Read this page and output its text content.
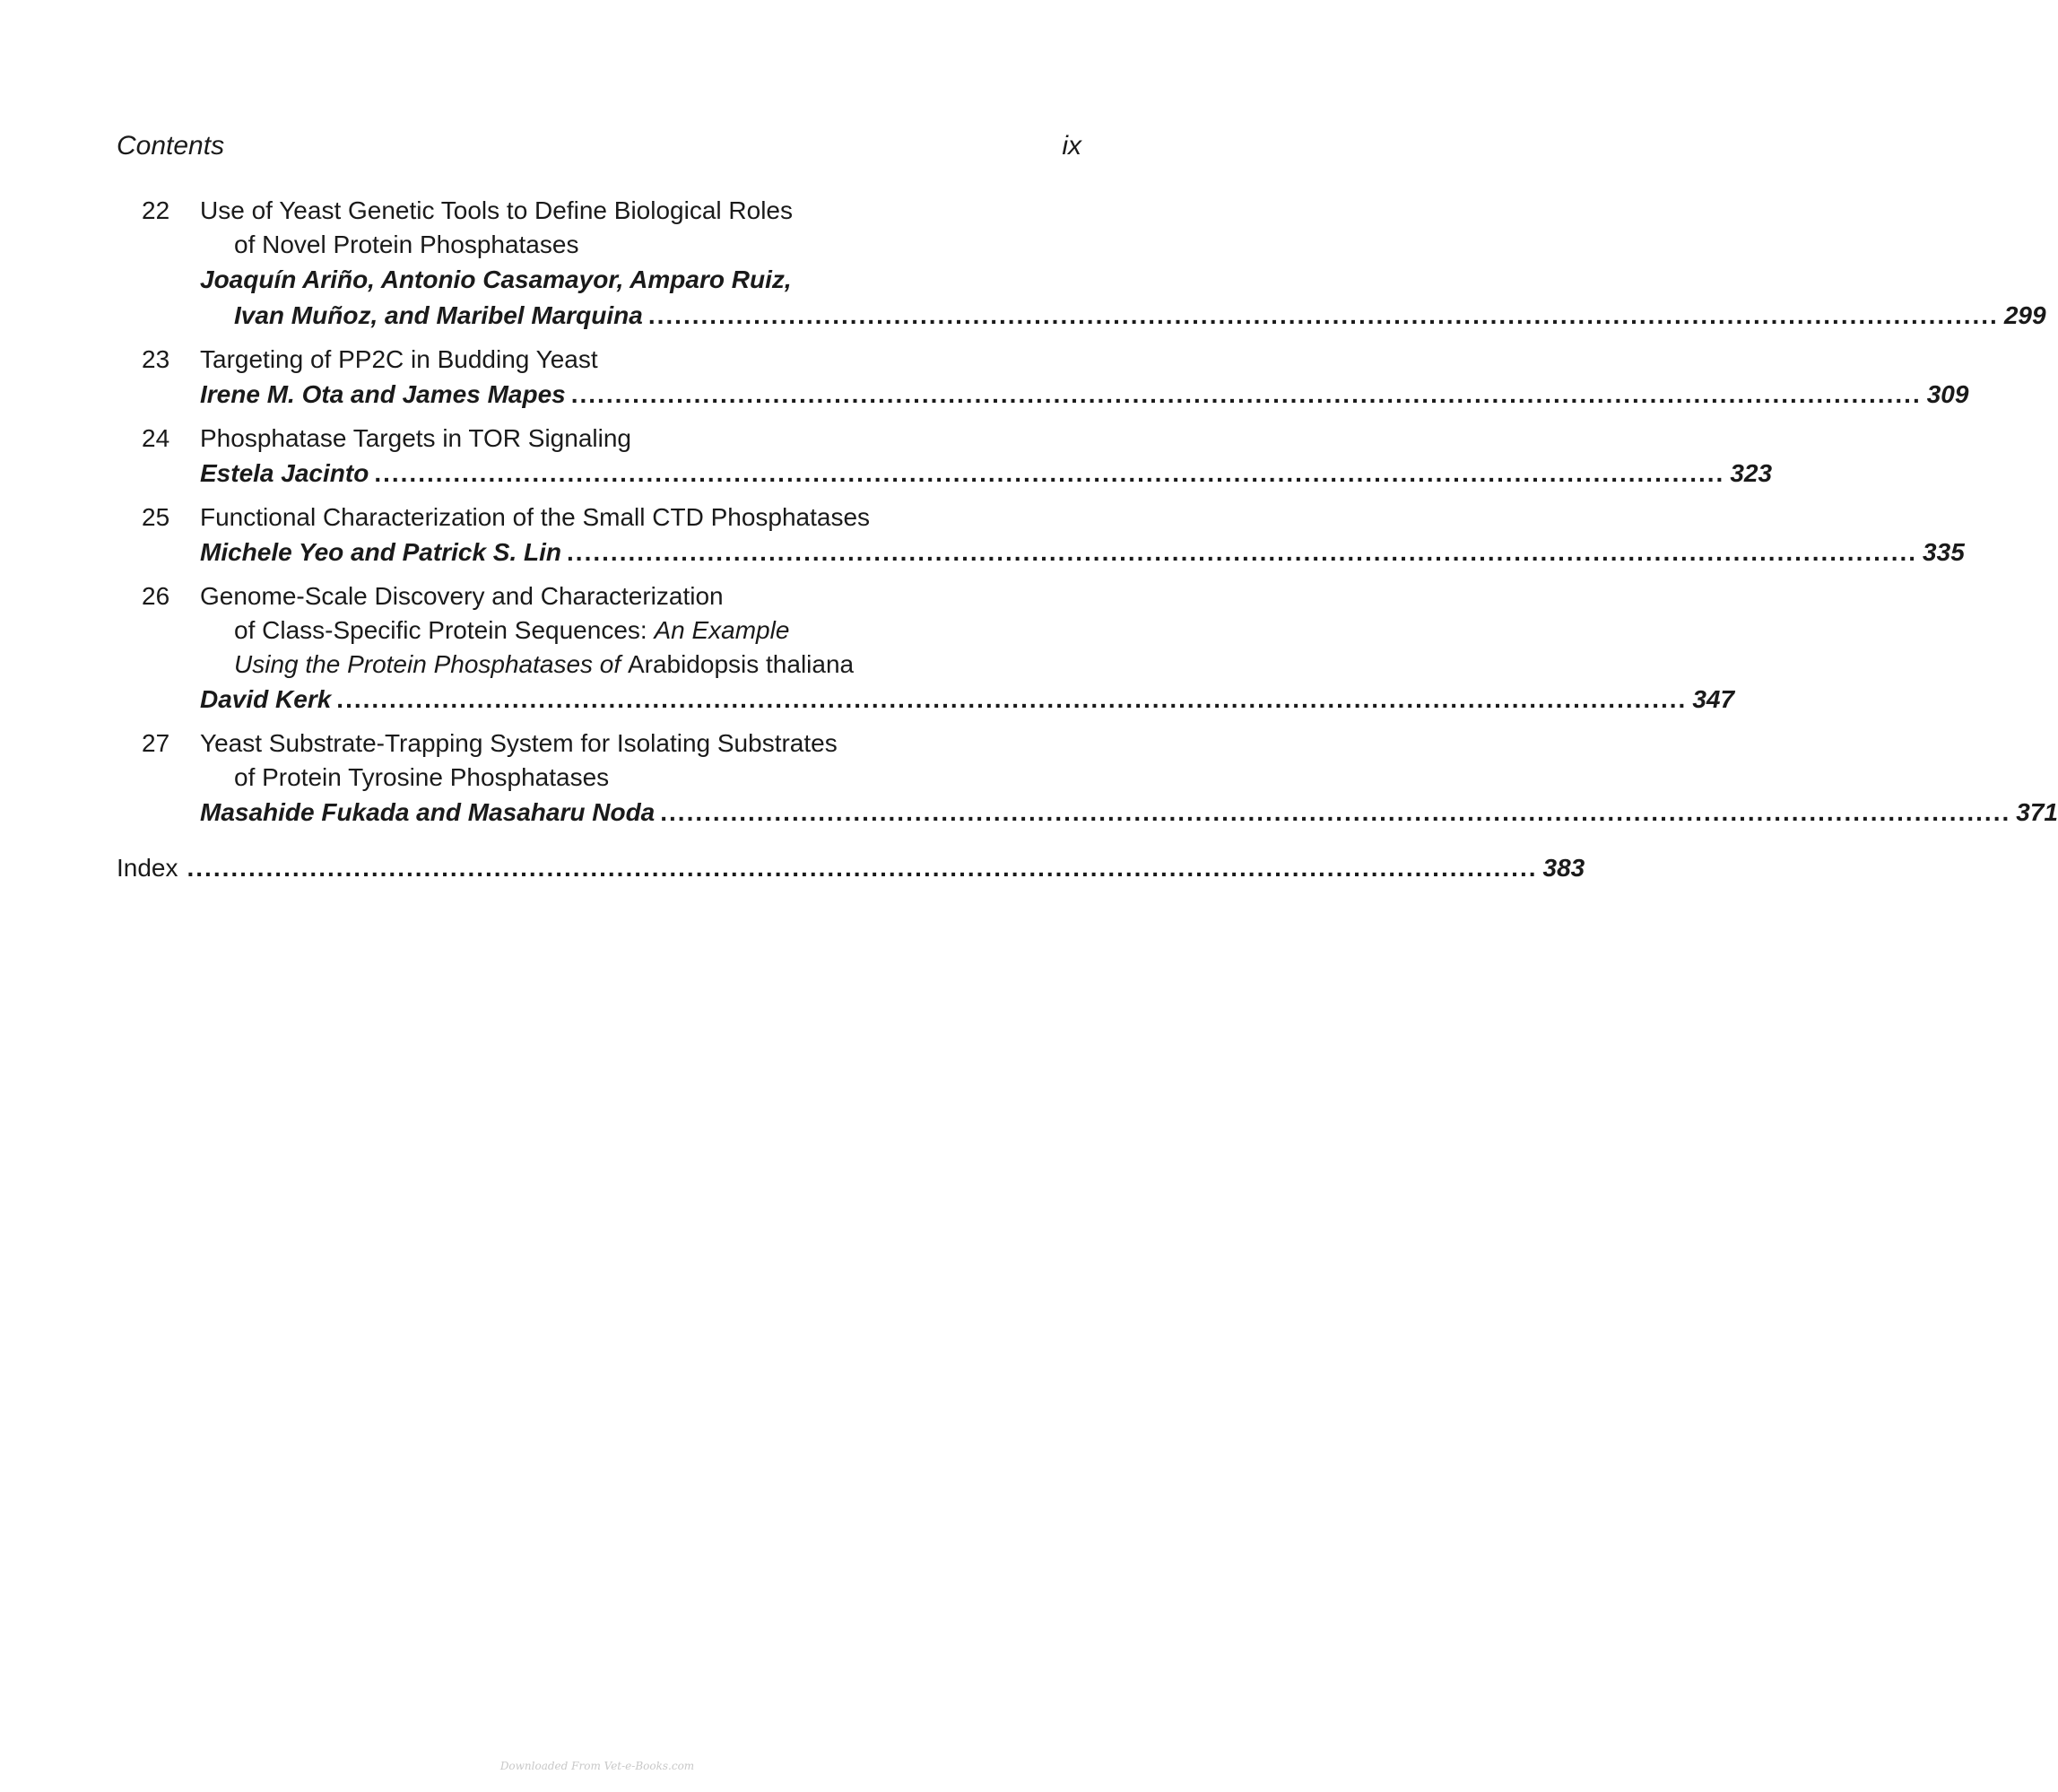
Contents	ix
22	Use of Yeast Genetic Tools to Define Biological Roles
of Novel Protein Phosphatases
Joaquín Ariño, Antonio Casamayor, Amparo Ruiz,
Ivan Muñoz, and Maribel Marquina .......................................................................................................................................................... 299
23	Targeting of PP2C in Budding Yeast
Irene M. Ota and James Mapes .......................................................................................................................................................... 309
24	Phosphatase Targets in TOR Signaling
Estela Jacinto .......................................................................................................................................................... 323
25	Functional Characterization of the Small CTD Phosphatases
Michele Yeo and Patrick S. Lin .......................................................................................................................................................... 335
26	Genome-Scale Discovery and Characterization
of Class-Specific Protein Sequences: An Example
Using the Protein Phosphatases of Arabidopsis thaliana
David Kerk .......................................................................................................................................................... 347
27	Yeast Substrate-Trapping System for Isolating Substrates
of Protein Tyrosine Phosphatases
Masahide Fukada and Masaharu Noda .......................................................................................................................................................... 371
Index .......................................................................................................................................................... 383
Downloaded From Vet-e-Books.com
